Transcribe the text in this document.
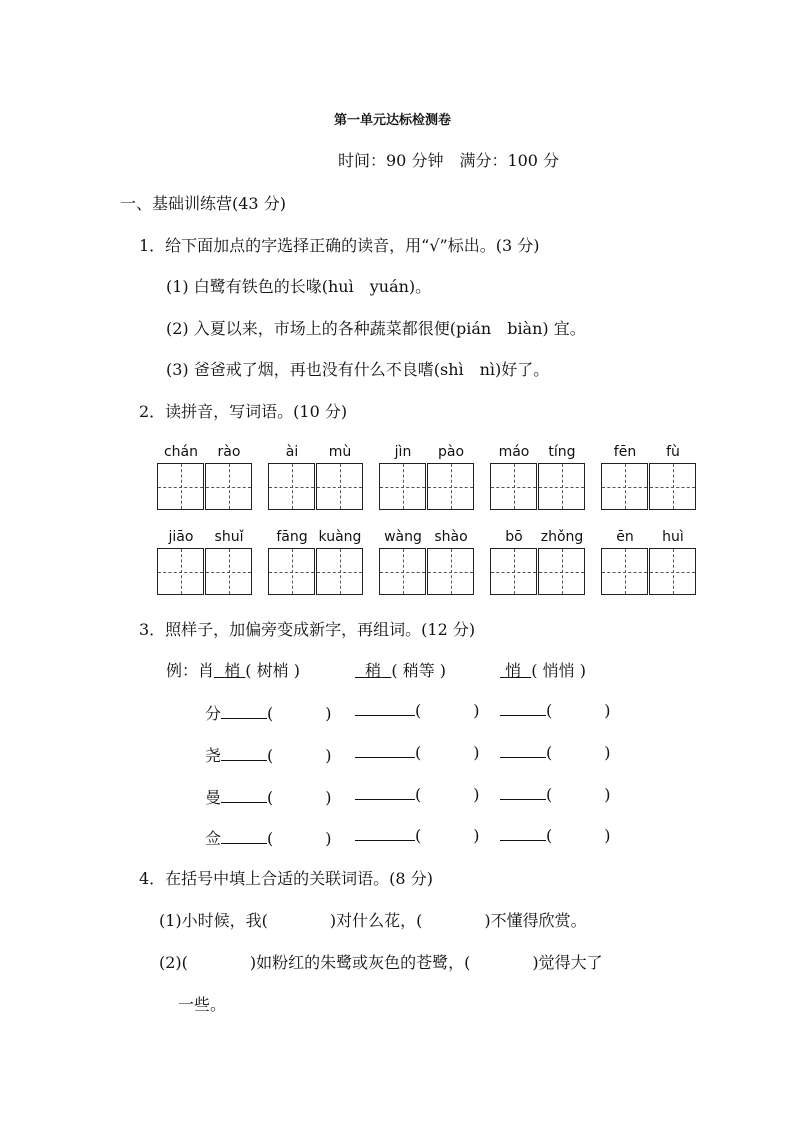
第一单元达标检测卷
时间：90 分钟　满分：100 分
一、基础训练营(43 分)
1．给下面加点的字选择正确的读音，用“√”标出。(3 分)
(1) 白鹭有铁色的长喙(huì　yuán)。
(2) 入夏以来，市场上的各种蔬菜都很便(pián　biàn) 宜。
(3) 爸爸戒了烟，再也没有什么不良嗜(shì　nì)好了。
2．读拼音，写词语。(10 分)
chán	rào	ài	mù	jìn	pào	máo	tíng	fēn	fù
jiāo	shuǐ	fāng kuàng	wàng shào	bō	zhǒng	ēn	huì
3．照样子，加偏旁变成新字，再组词。(12 分)
例：肖 梢 ( 树梢 )	稍 ( 稍等 )	悄 ( 悄悄 )
分	(	)	(	)	(	)
尧	(	)	(	)	(	)
曼	(	)	(	)	(	)
佥	(	)	(	)	(	)
4．在括号中填上合适的关联词语。(8 分)
(1)小时候，我(	)对什么花，(	)不懂得欣赏。
(2)(	)如粉红的朱鹭或灰色的苍鹭，(	)觉得大了
一些。
